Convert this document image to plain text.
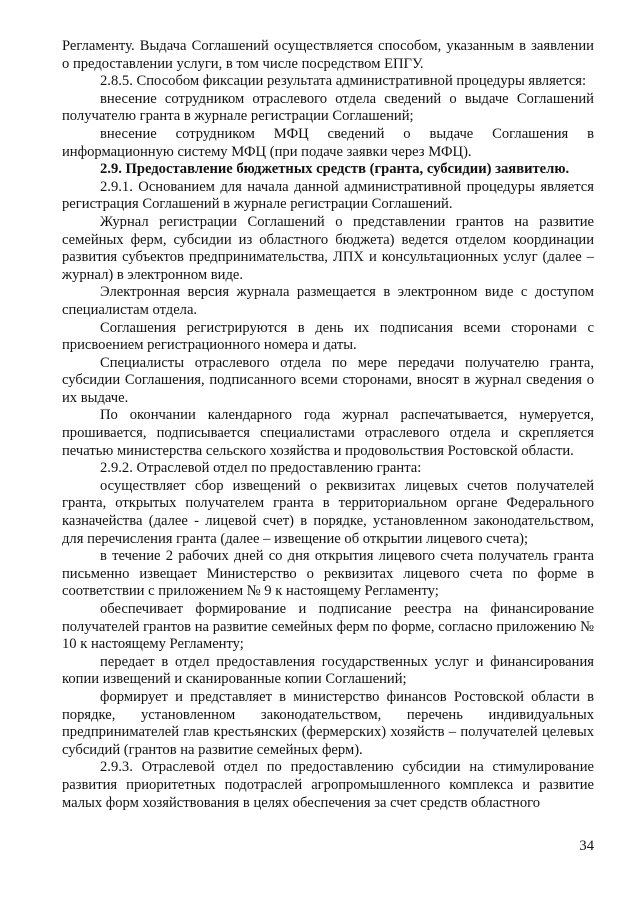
Регламенту. Выдача Соглашений осуществляется способом, указанным в заявлении о предоставлении услуги, в том числе посредством ЕПГУ.

2.8.5. Способом фиксации результата административной процедуры является:

внесение сотрудником отраслевого отдела сведений о выдаче Соглашений получателю гранта в журнале регистрации Соглашений;

внесение сотрудником МФЦ сведений о выдаче Соглашения в информационную систему МФЦ (при подаче заявки через МФЦ).

2.9. Предоставление бюджетных средств (гранта, субсидии) заявителю.

2.9.1. Основанием для начала данной административной процедуры является регистрация Соглашений в журнале регистрации Соглашений.

Журнал регистрации Соглашений о представлении грантов на развитие семейных ферм, субсидии из областного бюджета) ведется отделом координации развития субъектов предпринимательства, ЛПХ и консультационных услуг (далее – журнал) в электронном виде.

Электронная версия журнала размещается в электронном виде с доступом специалистам отдела.

Соглашения регистрируются в день их подписания всеми сторонами с присвоением регистрационного номера и даты.

Специалисты отраслевого отдела по мере передачи получателю гранта, субсидии Соглашения, подписанного всеми сторонами, вносят в журнал сведения о их выдаче.

По окончании календарного года журнал распечатывается, нумеруется, прошивается, подписывается специалистами отраслевого отдела и скрепляется печатью министерства сельского хозяйства и продовольствия Ростовской области.

2.9.2. Отраслевой отдел по предоставлению гранта:

осуществляет сбор извещений о реквизитах лицевых счетов получателей гранта, открытых получателем гранта в территориальном органе Федерального казначейства (далее - лицевой счет) в порядке, установленном законодательством, для перечисления гранта (далее – извещение об открытии лицевого счета);

в течение 2 рабочих дней со дня открытия лицевого счета получатель гранта письменно извещает Министерство о реквизитах лицевого счета по форме в соответствии с приложением № 9 к настоящему Регламенту;

обеспечивает формирование и подписание реестра на финансирование получателей грантов на развитие семейных ферм по форме, согласно приложению № 10 к настоящему Регламенту;

передает в отдел предоставления государственных услуг и финансирования копии извещений и сканированные копии Соглашений;

формирует и представляет в министерство финансов Ростовской области в порядке, установленном законодательством, перечень индивидуальных предпринимателей глав крестьянских (фермерских) хозяйств – получателей целевых субсидий (грантов на развитие семейных ферм).

2.9.3. Отраслевой отдел по предоставлению субсидии на стимулирование развития приоритетных подотраслей агропромышленного комплекса и развитие малых форм хозяйствования в целях обеспечения за счет средств областного

34
